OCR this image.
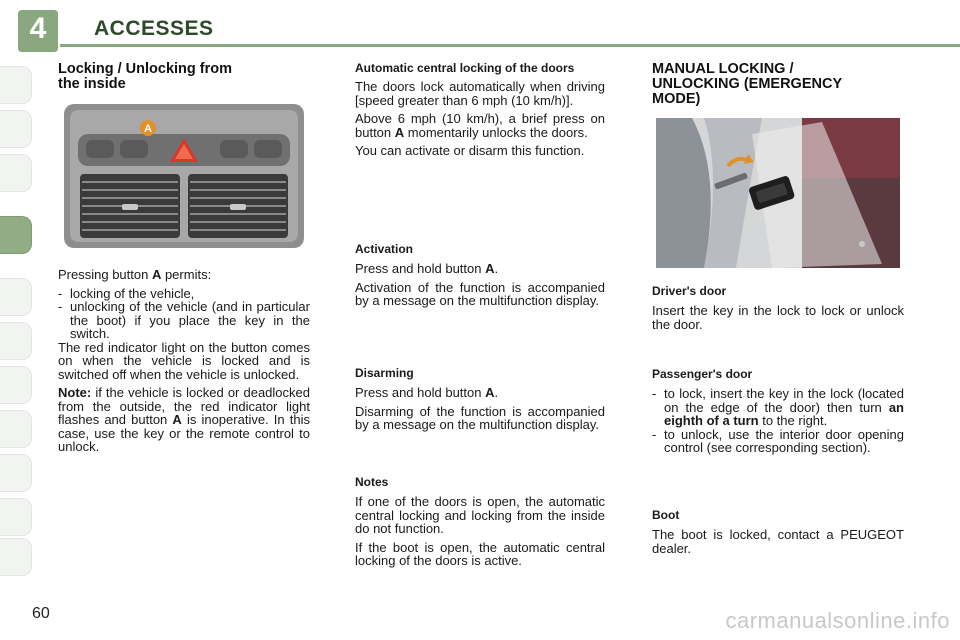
4	ACCESSES
Locking / Unlocking from
the inside
A

Pressing button A permits:

- locking of the vehicle,
- unlocking of the vehicle (and in particular the boot) if you place the key in the switch.

The red indicator light on the button comes on when the vehicle is locked and is switched off when the vehicle is unlocked.

Note: if the vehicle is locked or deadlocked from the outside, the red indicator light flashes and button A is inoperative. In this case, use the key or the remote control to unlock.

Automatic central locking of the doors

The doors lock automatically when driving [speed greater than 6 mph (10 km/h)].

Above 6 mph (10 km/h), a brief press on button A momentarily unlocks the doors.

You can activate or disarm this function.

Activation

Press and hold button A.

Activation of the function is accompanied by a message on the multifunction display.

Disarming

Press and hold button A.

Disarming of the function is accompanied by a message on the multifunction display.

Notes

If one of the doors is open, the automatic central locking and locking from the inside do not function.

If the boot is open, the automatic central locking of the doors is active.

MANUAL LOCKING /
UNLOCKING (EMERGENCY
MODE)
Driver's door

Insert the key in the lock to lock or unlock the door.

Passenger's door
- to lock, insert the key in the lock (located on the edge of the door) then turn an eighth of a turn to the right.
- to unlock, use the interior door opening control (see corresponding section).
Boot

The boot is locked, contact a PEUGEOT dealer.

60	carmanualsonline.info
